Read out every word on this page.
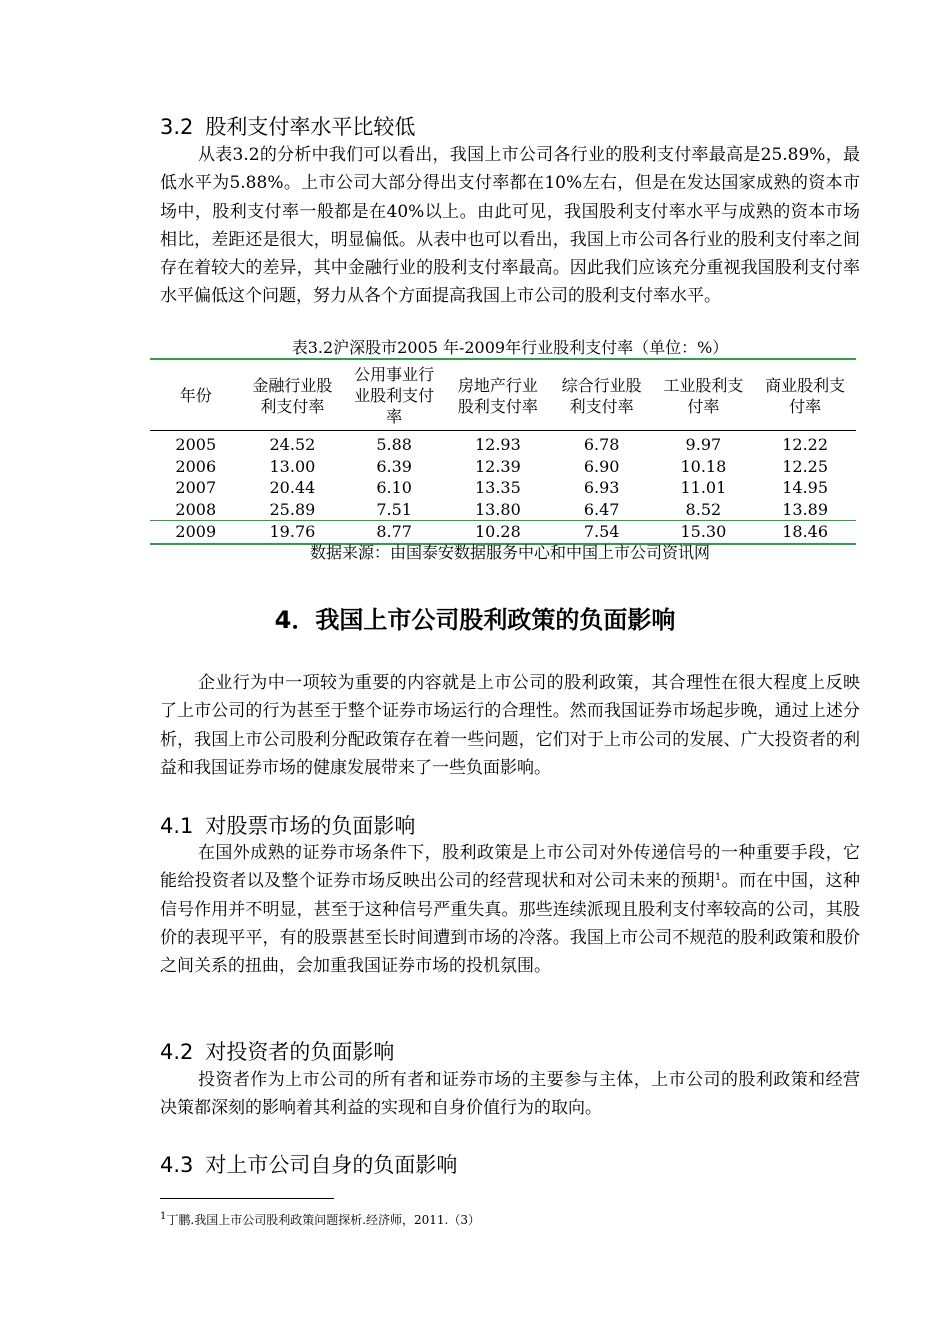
3.2 股利支付率水平比较低

从表3.2的分析中我们可以看出，我国上市公司各行业的股利支付率最高是25.89%，最低水平为5.88%。上市公司大部分得出支付率都在10%左右，但是在发达国家成熟的资本市场中，股利支付率一般都是在40%以上。由此可见，我国股利支付率水平与成熟的资本市场相比，差距还是很大，明显偏低。从表中也可以看出，我国上市公司各行业的股利支付率之间存在着较大的差异，其中金融行业的股利支付率最高。因此我们应该充分重视我国股利支付率水平偏低这个问题，努力从各个方面提高我国上市公司的股利支付率水平。

表3.2沪深股市2005 年-2009年行业股利支付率（单位：%）
年份	金融行业股利支付率	公用事业行业股利支付率	房地产行业股利支付率	综合行业股利支付率	工业股利支付率	商业股利支付率

2005	24.52	5.88	12.93	6.78	9.97	12.22
2006	13.00	6.39	12.39	6.90	10.18	12.25
2007	20.44	6.10	13.35	6.93	11.01	14.95
2008	25.89	7.51	13.80	6.47	8.52	13.89
2009	19.76	8.77	10.28	7.54	15.30	18.46
数据来源：由国泰安数据服务中心和中国上市公司资讯网
4．我国上市公司股利政策的负面影响

企业行为中一项较为重要的内容就是上市公司的股利政策，其合理性在很大程度上反映了上市公司的行为甚至于整个证券市场运行的合理性。然而我国证券市场起步晚，通过上述分析，我国上市公司股利分配政策存在着一些问题，它们对于上市公司的发展、广大投资者的利益和我国证券市场的健康发展带来了一些负面影响。

4.1 对股票市场的负面影响

在国外成熟的证券市场条件下，股利政策是上市公司对外传递信号的一种重要手段，它能给投资者以及整个证券市场反映出公司的经营现状和对公司未来的预期$^1$。而在中国，这种信号作用并不明显，甚至于这种信号严重失真。那些连续派现且股利支付率较高的公司，其股价的表现平平，有的股票甚至长时间遭到市场的冷落。我国上市公司不规范的股利政策和股价之间关系的扭曲，会加重我国证券市场的投机氛围。

4.2 对投资者的负面影响

投资者作为上市公司的所有者和证券市场的主要参与主体，上市公司的股利政策和经营决策都深刻的影响着其利益的实现和自身价值行为的取向。

4.3 对上市公司自身的负面影响
$^1$丁鹏.我国上市公司股利政策问题探析.经济师，2011.（3）
